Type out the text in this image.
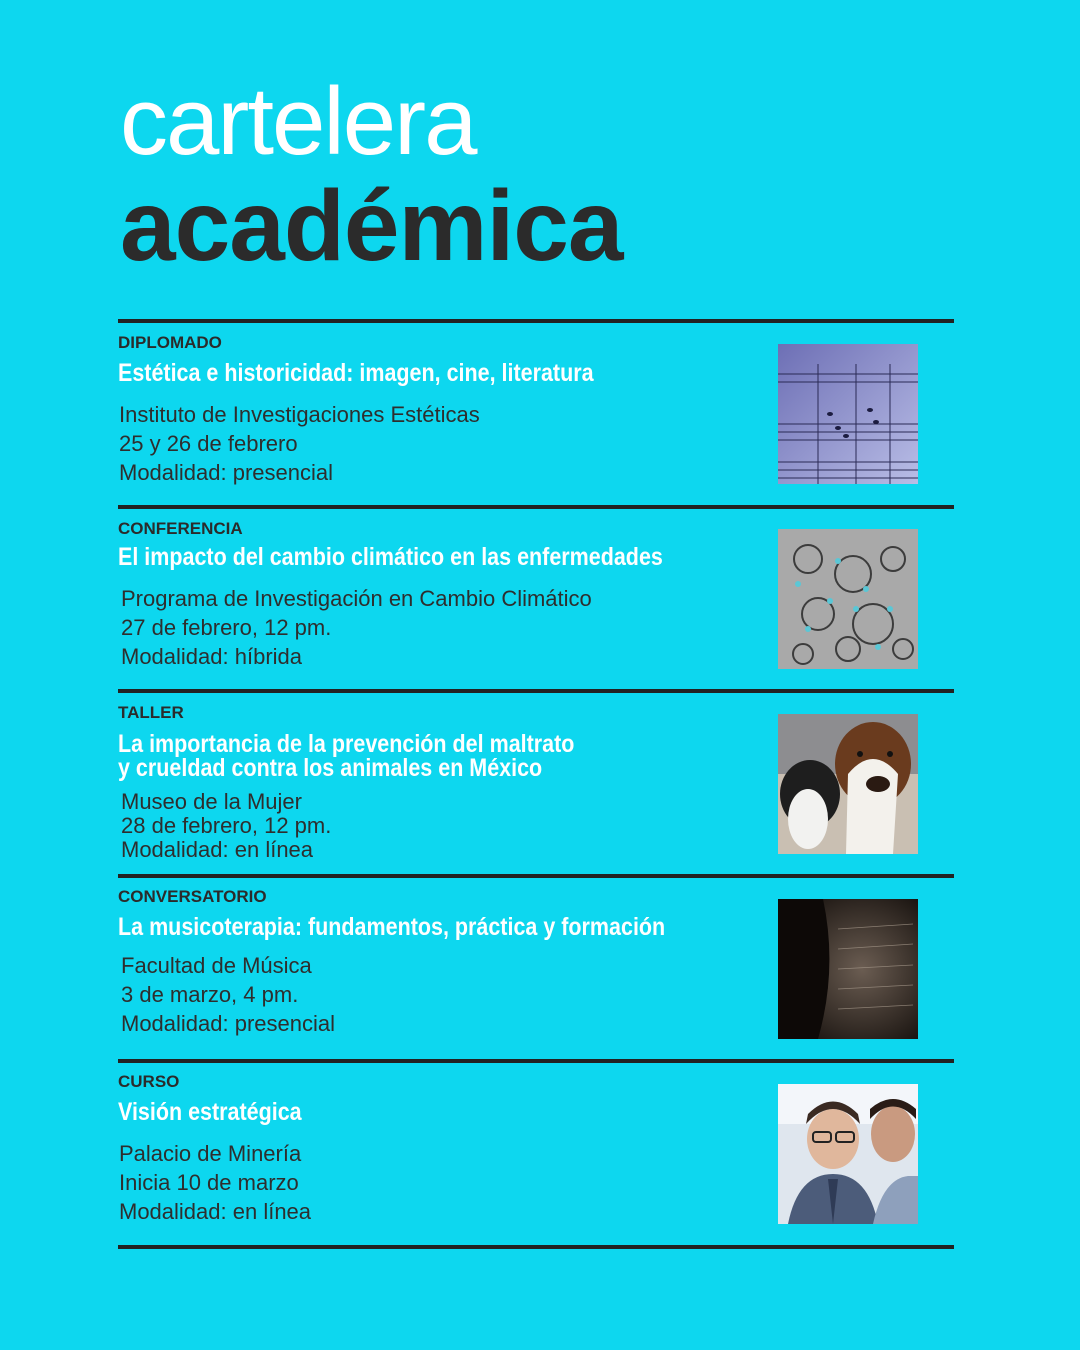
cartelera
académica
DIPLOMADO
Estética e historicidad: imagen, cine, literatura
Instituto de Investigaciones Estéticas
25 y 26 de febrero
Modalidad: presencial
CONFERENCIA
El impacto del cambio climático en las enfermedades
Programa de Investigación en Cambio Climático
27 de febrero, 12 pm.
Modalidad: híbrida
TALLER
La importancia de la prevención del maltrato
y crueldad contra los animales en México
Museo de la Mujer
28 de febrero, 12 pm.
Modalidad: en línea
CONVERSATORIO
La musicoterapia: fundamentos, práctica y formación
Facultad de Música
3 de marzo, 4 pm.
Modalidad: presencial
CURSO
Visión estratégica
Palacio de Minería
Inicia 10 de marzo
Modalidad: en línea
